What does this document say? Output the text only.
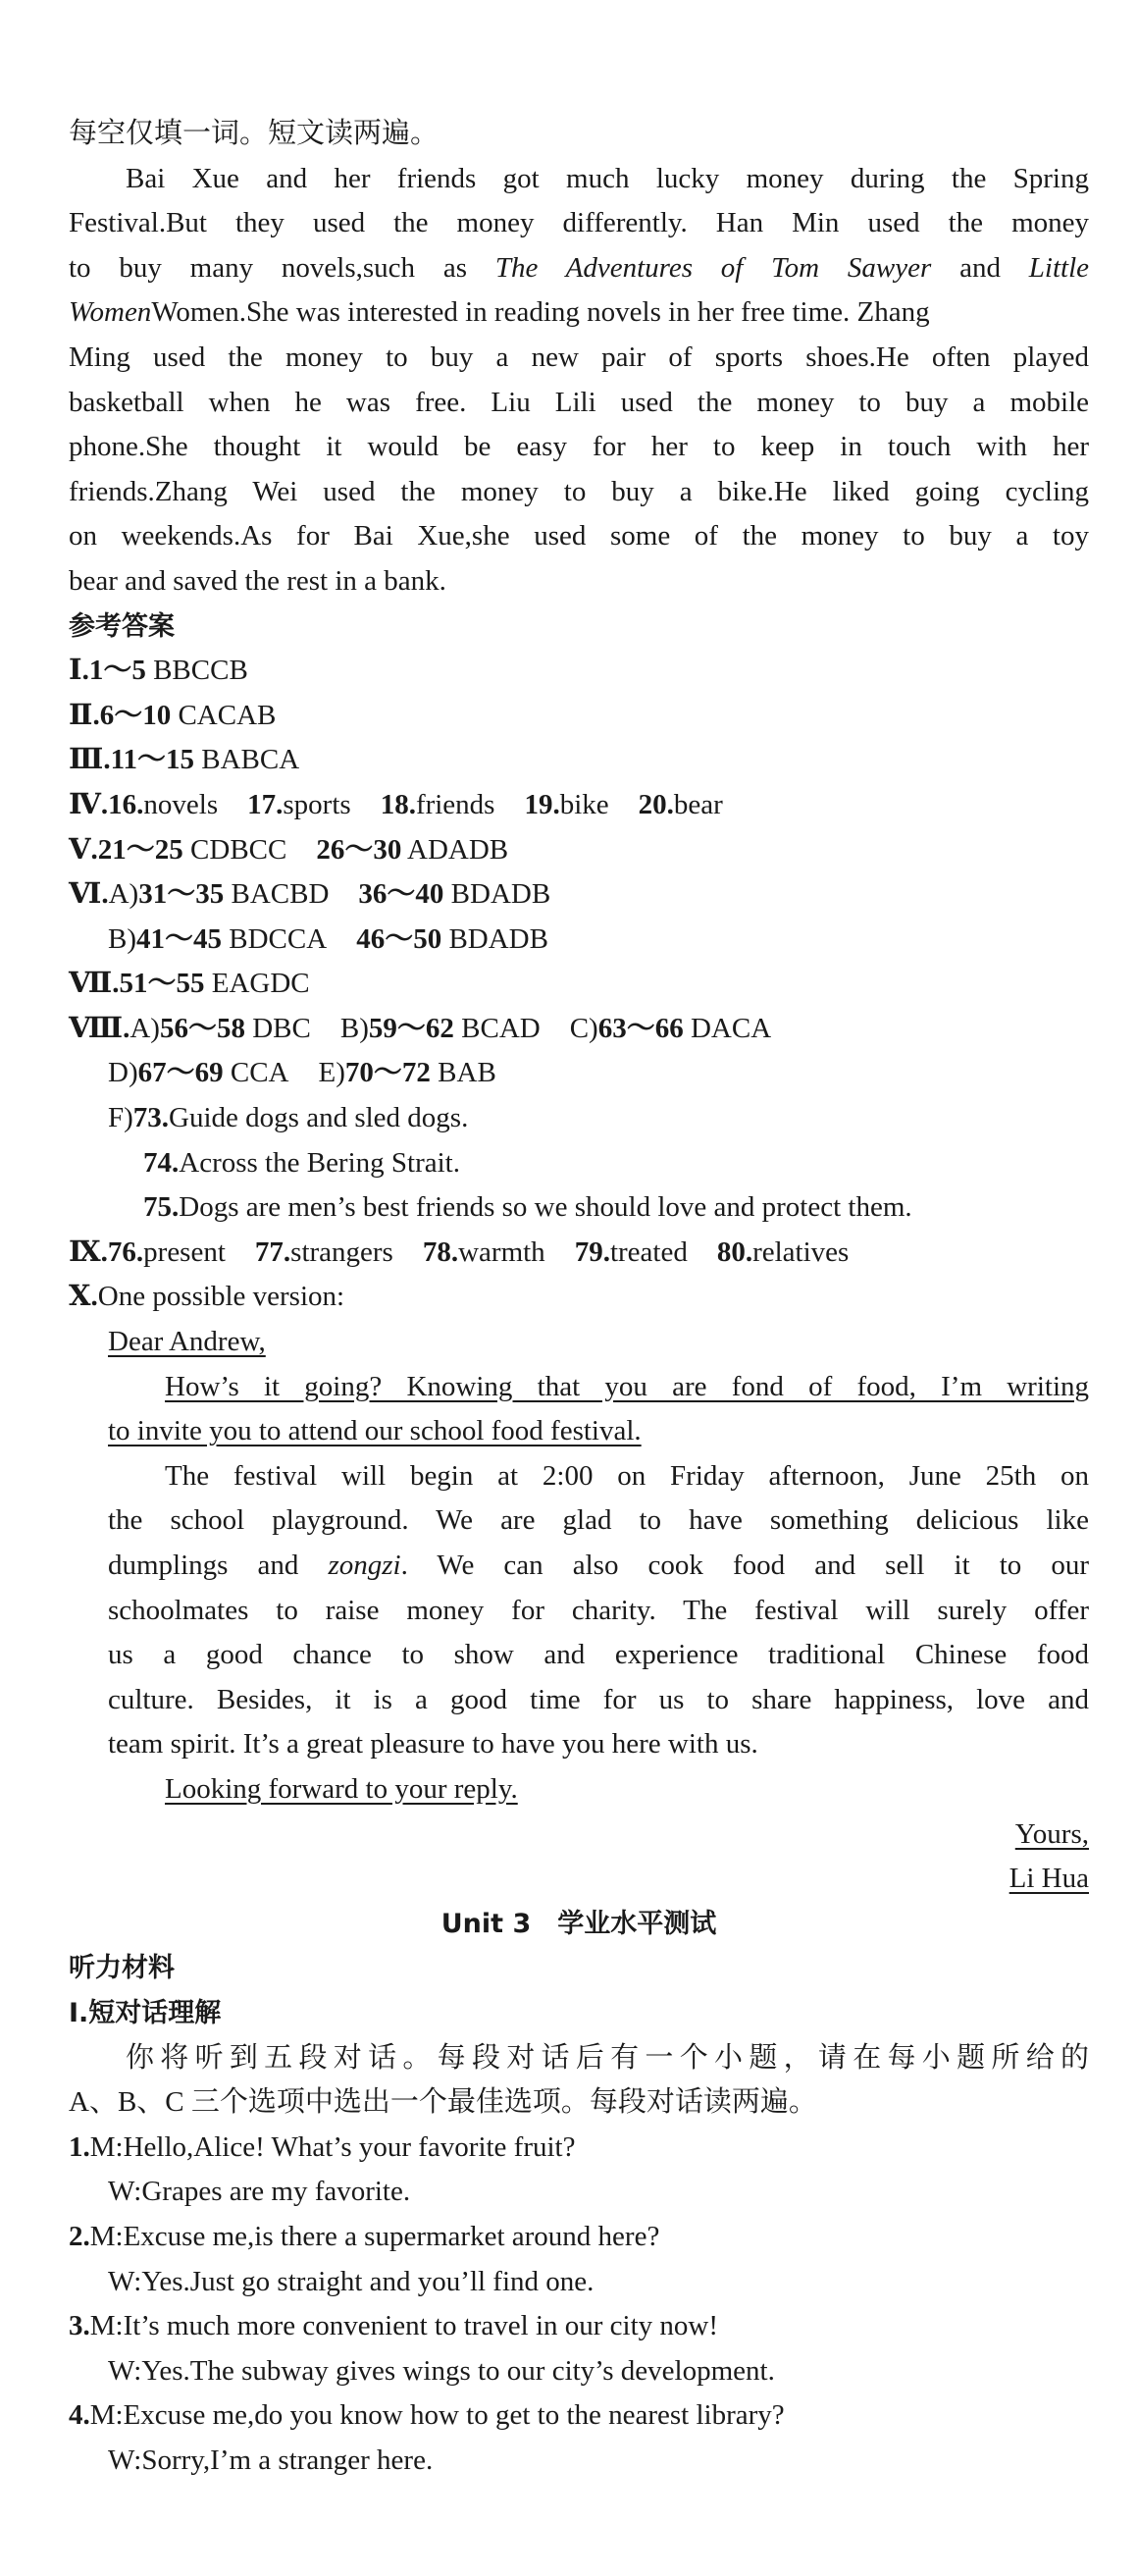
每空仅填一词。短文读两遍。
Bai Xue and her friends got much lucky money during the Spring
Festival.But they used the money differently. Han Min used the money
to buy many novels,such as The Adventures of Tom Sawyer and Little
WomenWomen.She was interested in reading novels in her free time. Zhang
Ming used the money to buy a new pair of sports shoes.He often played
basketball when he was free. Liu Lili used the money to buy a mobile
phone.She thought it would be easy for her to keep in touch with her
friends.Zhang Wei used the money to buy a bike.He liked going cycling
on weekends.As for Bai Xue,she used some of the money to buy a toy
bear and saved the rest in a bank.
参考答案
Ⅰ.1～5 BBCCB
Ⅱ.6～10 CACAB
Ⅲ.11～15 BABCA
Ⅳ.16.novels 17.sports 18.friends 19.bike 20.bear
Ⅴ.21～25 CDBCC 26～30 ADADB
Ⅵ.A)31～35 BACBD 36～40 BDADB
B)41～45 BDCCA 46～50 BDADB
Ⅶ.51～55 EAGDC
Ⅷ.A)56～58 DBC B)59～62 BCAD C)63～66 DACA
D)67～69 CCA E)70～72 BAB
F)73.Guide dogs and sled dogs.
74.Across the Bering Strait.
75.Dogs are men’s best friends so we should love and protect them.
Ⅸ.76.present 77.strangers 78.warmth 79.treated 80.relatives
Ⅹ.One possible version:
Dear Andrew,
How’s it going? Knowing that you are fond of food, I’m writing
to invite you to attend our school food festival.
The festival will begin at 2:00 on Friday afternoon, June 25th on
the school playground. We are glad to have something delicious like
dumplings and zongzi. We can also cook food and sell it to our
schoolmates to raise money for charity. The festival will surely offer
us a good chance to show and experience traditional Chinese food
culture. Besides, it is a good time for us to share happiness, love and
team spirit. It’s a great pleasure to have you here with us.
Looking forward to your reply.
Yours,
Li Hua
Unit 3　学业水平测试
听力材料
Ⅰ.短对话理解
你将听到五段对话。每段对话后有一个小题，请在每小题所给的
A、B、C 三个选项中选出一个最佳选项。每段对话读两遍。
1.M:Hello,Alice! What’s your favorite fruit?
W:Grapes are my favorite.
2.M:Excuse me,is there a supermarket around here?
W:Yes.Just go straight and you’ll find one.
3.M:It’s much more convenient to travel in our city now!
W:Yes.The subway gives wings to our city’s development.
4.M:Excuse me,do you know how to get to the nearest library?
W:Sorry,I’m a stranger here.
